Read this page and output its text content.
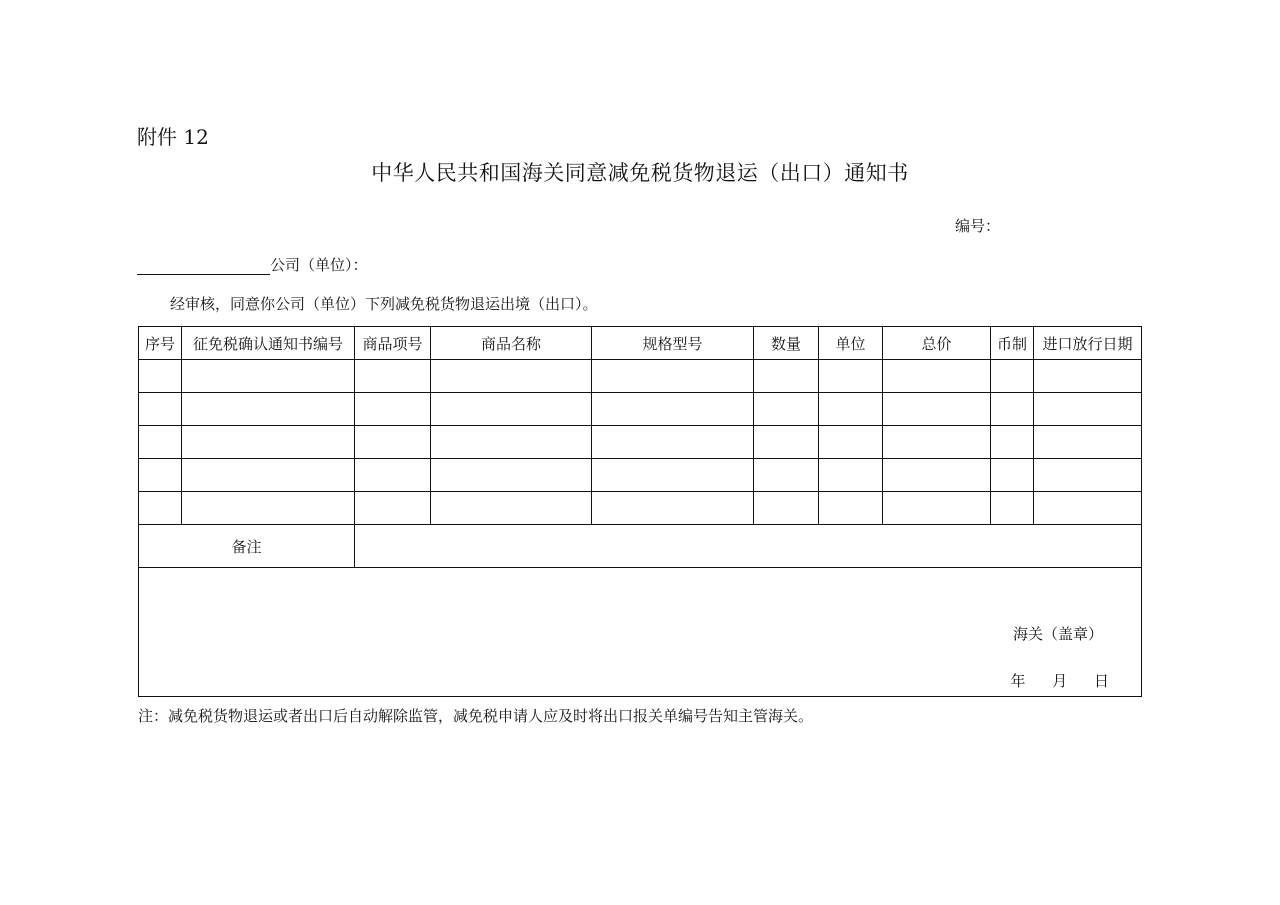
附件 12
中华人民共和国海关同意减免税货物退运（出口）通知书
编号：
公司（单位）：
经审核，同意你公司（单位）下列减免税货物退运出境（出口）。
序号	征免税确认通知书编号	商品项号	商品名称	规格型号	数量	单位	总价	币制	进口放行日期

备注									

海关（盖章）
年 月 日									
注：减免税货物退运或者出口后自动解除监管，减免税申请人应及时将出口报关单编号告知主管海关。
